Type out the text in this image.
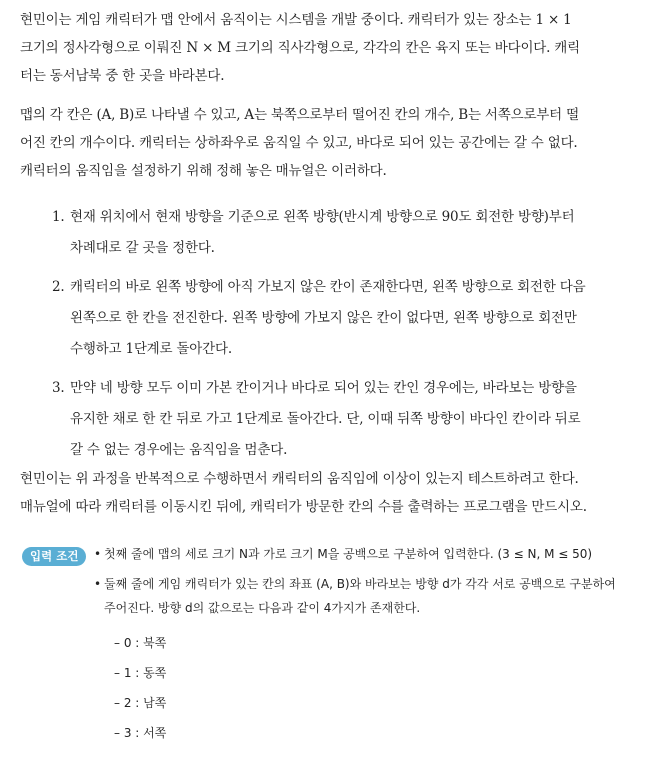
현민이는 게임 캐릭터가 맵 안에서 움직이는 시스템을 개발 중이다. 캐릭터가 있는 장소는 1 × 1
크기의 정사각형으로 이뤄진 N × M 크기의 직사각형으로, 각각의 칸은 육지 또는 바다이다. 캐릭
터는 동서남북 중 한 곳을 바라본다.
맵의 각 칸은 (A, B)로 나타낼 수 있고, A는 북쪽으로부터 떨어진 칸의 개수, B는 서쪽으로부터 떨
어진 칸의 개수이다. 캐릭터는 상하좌우로 움직일 수 있고, 바다로 되어 있는 공간에는 갈 수 없다.
캐릭터의 움직임을 설정하기 위해 정해 놓은 매뉴얼은 이러하다.
1. 현재 위치에서 현재 방향을 기준으로 왼쪽 방향(반시계 방향으로 90도 회전한 방향)부터
차례대로 갈 곳을 정한다.
2. 캐릭터의 바로 왼쪽 방향에 아직 가보지 않은 칸이 존재한다면, 왼쪽 방향으로 회전한 다음
왼쪽으로 한 칸을 전진한다. 왼쪽 방향에 가보지 않은 칸이 없다면, 왼쪽 방향으로 회전만
수행하고 1단계로 돌아간다.
3. 만약 네 방향 모두 이미 가본 칸이거나 바다로 되어 있는 칸인 경우에는, 바라보는 방향을
유지한 채로 한 칸 뒤로 가고 1단계로 돌아간다. 단, 이때 뒤쪽 방향이 바다인 칸이라 뒤로
갈 수 없는 경우에는 움직임을 멈춘다.
현민이는 위 과정을 반복적으로 수행하면서 캐릭터의 움직임에 이상이 있는지 테스트하려고 한다.
매뉴얼에 따라 캐릭터를 이동시킨 뒤에, 캐릭터가 방문한 칸의 수를 출력하는 프로그램을 만드시오.
입력 조건	• 첫째 줄에 맵의 세로 크기 N과 가로 크기 M을 공백으로 구분하여 입력한다. (3 ≤ N, M ≤ 50)
• 둘째 줄에 게임 캐릭터가 있는 칸의 좌표 (A, B)와 바라보는 방향 d가 각각 서로 공백으로 구분하여
주어진다. 방향 d의 값으로는 다음과 같이 4가지가 존재한다.
– 0 : 북쪽
– 1 : 동쪽
– 2 : 남쪽
– 3 : 서쪽
